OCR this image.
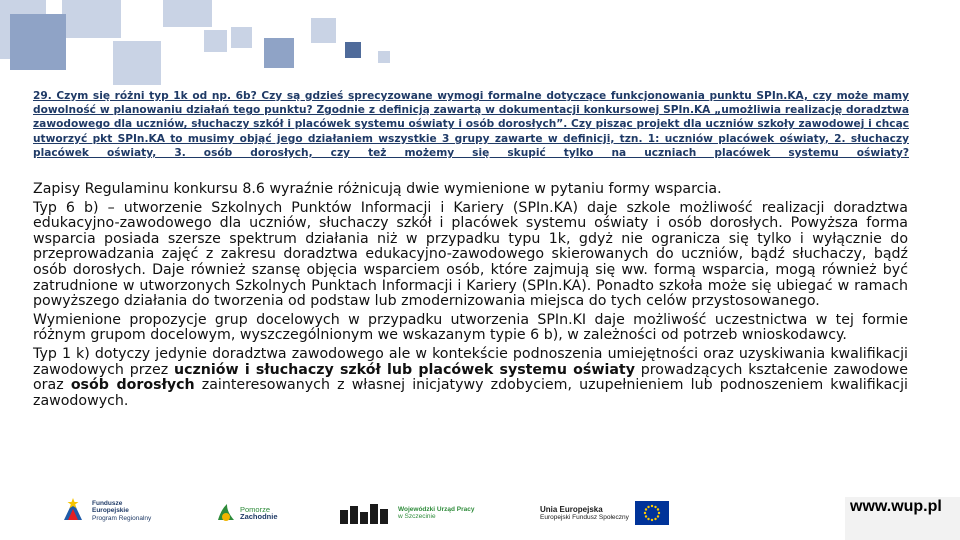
29. Czym się różni typ 1k od np. 6b? Czy są gdzieś sprecyzowane wymogi formalne dotyczące funkcjonowania punktu SPIn.KA, czy może mamy dowolność w planowaniu działań tego punktu? Zgodnie z definicją zawartą w dokumentacji konkursowej SPIn.KA „umożliwia realizację doradztwa zawodowego dla uczniów, słuchaczy szkół i placówek systemu oświaty i osób dorosłych”. Czy pisząc projekt dla uczniów szkoły zawodowej i chcąc utworzyć pkt SPIn.KA to musimy objąć jego działaniem wszystkie 3 grupy zawarte w definicji, tzn. 1: uczniów placówek oświaty, 2. słuchaczy placówek oświaty, 3. osób dorosłych, czy też możemy się skupić tylko na uczniach placówek systemu oświaty?

Zapisy Regulaminu konkursu 8.6 wyraźnie różnicują dwie wymienione w pytaniu formy wsparcia.

Typ 6 b) – utworzenie Szkolnych Punktów Informacji i Kariery (SPIn.KA) daje szkole możliwość realizacji doradztwa edukacyjno-zawodowego dla uczniów, słuchaczy szkół i placówek systemu oświaty i osób dorosłych. Powyższa forma wsparcia posiada szersze spektrum działania niż w przypadku typu 1k, gdyż nie ogranicza się tylko i wyłącznie do przeprowadzania zajęć z zakresu doradztwa edukacyjno-zawodowego skierowanych do uczniów, bądź słuchaczy, bądź osób dorosłych. Daje również szansę objęcia wsparciem osób, które zajmują się ww. formą wsparcia, mogą również być zatrudnione w utworzonych Szkolnych Punktach Informacji i Kariery (SPIn.KA). Ponadto szkoła może się ubiegać w ramach powyższego działania do tworzenia od podstaw lub zmodernizowania miejsca do tych celów przystosowanego.

Wymienione propozycje grup docelowych w przypadku utworzenia SPIn.KI daje możliwość uczestnictwa w tej formie różnym grupom docelowym, wyszczególnionym we wskazanym typie 6 b), w zależności od potrzeb wnioskodawcy.

Typ 1 k) dotyczy jedynie doradztwa zawodowego ale w kontekście podnoszenia umiejętności oraz uzyskiwania kwalifikacji zawodowych przez uczniów i słuchaczy szkół lub placówek systemu oświaty prowadzących kształcenie zawodowe oraz osób dorosłych zainteresowanych z własnej inicjatywy zdobyciem, uzupełnieniem lub podnoszeniem kwalifikacji zawodowych.

Fundusze
Europejskie
Program Regionalny
Pomorze
Zachodnie
Wojewódzki Urząd Pracy
w Szczecinie
Unia Europejska
Europejski Fundusz Społeczny
www.wup.pl
